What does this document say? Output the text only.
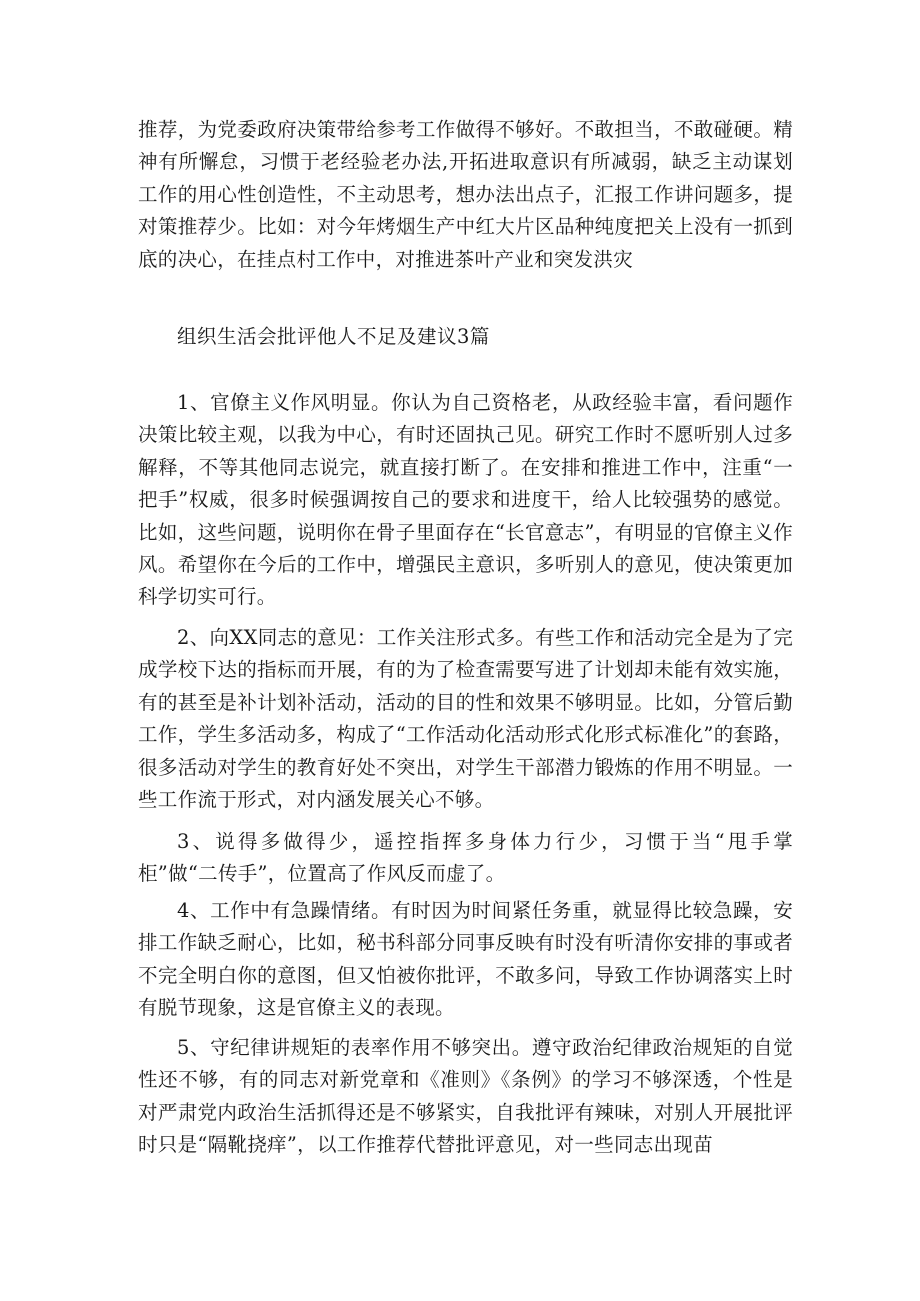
推荐，为党委政府决策带给参考工作做得不够好。不敢担当，不敢碰硬。精神有所懈怠，习惯于老经验老办法,开拓进取意识有所减弱，缺乏主动谋划工作的用心性创造性，不主动思考，想办法出点子，汇报工作讲问题多，提对策推荐少。比如：对今年烤烟生产中红大片区品种纯度把关上没有一抓到底的决心，在挂点村工作中，对推进茶叶产业和突发洪灾

组织生活会批评他人不足及建议3篇

1、官僚主义作风明显。你认为自己资格老，从政经验丰富，看问题作决策比较主观，以我为中心，有时还固执己见。研究工作时不愿听别人过多解释，不等其他同志说完，就直接打断了。在安排和推进工作中，注重“一把手”权威，很多时候强调按自己的要求和进度干，给人比较强势的感觉。比如，这些问题，说明你在骨子里面存在“长官意志”，有明显的官僚主义作风。希望你在今后的工作中，增强民主意识，多听别人的意见，使决策更加科学切实可行。

2、向XX同志的意见：工作关注形式多。有些工作和活动完全是为了完成学校下达的指标而开展，有的为了检查需要写进了计划却未能有效实施，有的甚至是补计划补活动，活动的目的性和效果不够明显。比如，分管后勤工作，学生多活动多，构成了“工作活动化活动形式化形式标准化”的套路，很多活动对学生的教育好处不突出，对学生干部潜力锻炼的作用不明显。一些工作流于形式，对内涵发展关心不够。

3、说得多做得少，遥控指挥多身体力行少，习惯于当“甩手掌柜”做“二传手”，位置高了作风反而虚了。

4、工作中有急躁情绪。有时因为时间紧任务重，就显得比较急躁，安排工作缺乏耐心，比如，秘书科部分同事反映有时没有听清你安排的事或者不完全明白你的意图，但又怕被你批评，不敢多问，导致工作协调落实上时有脱节现象，这是官僚主义的表现。

5、守纪律讲规矩的表率作用不够突出。遵守政治纪律政治规矩的自觉性还不够，有的同志对新党章和《准则》《条例》的学习不够深透，个性是对严肃党内政治生活抓得还是不够紧实，自我批评有辣味，对别人开展批评时只是“隔靴挠痒”，以工作推荐代替批评意见，对一些同志出现苗
